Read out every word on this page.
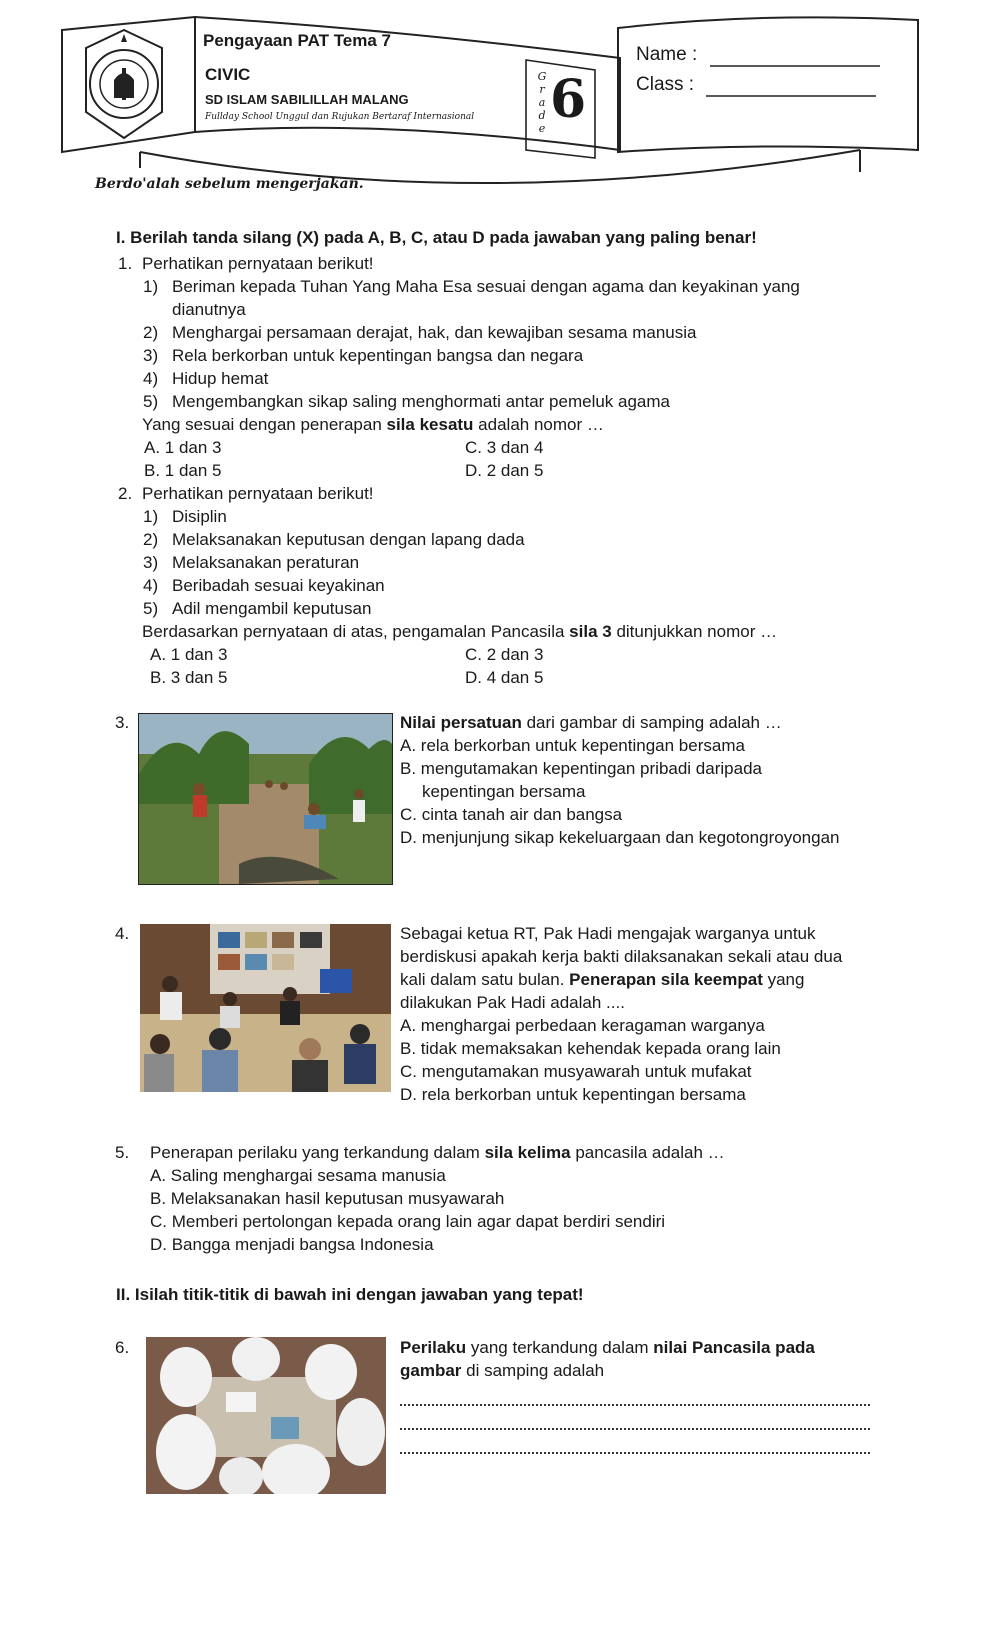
Pengayaan PAT Tema 7
CIVIC
SD ISLAM SABILILLAH MALANG
Fullday School Unggul dan Rujukan Bertaraf Internasional
G
r
a
d
e 6
Name :
Class :
Berdo'alah sebelum mengerjakan.
I. Berilah tanda silang (X) pada A, B, C, atau D pada jawaban yang paling benar!
1. Perhatikan pernyataan berikut!
1) Beriman kepada Tuhan Yang Maha Esa sesuai dengan agama dan keyakinan yang
dianutnya
2) Menghargai persamaan derajat, hak, dan kewajiban sesama manusia
3) Rela berkorban untuk kepentingan bangsa dan negara
4) Hidup hemat
5) Mengembangkan sikap saling menghormati antar pemeluk agama
Yang sesuai dengan penerapan sila kesatu adalah nomor …
A. 1 dan 3	C. 3 dan 4
B. 1 dan 5	D. 2 dan 5
2. Perhatikan pernyataan berikut!
1) Disiplin
2) Melaksanakan keputusan dengan lapang dada
3) Melaksanakan peraturan
4) Beribadah sesuai keyakinan
5) Adil mengambil keputusan
Berdasarkan pernyataan di atas, pengamalan Pancasila sila 3 ditunjukkan nomor …
A. 1 dan 3	C. 2 dan 3
B. 3 dan 5	D. 4 dan 5
3.	Nilai persatuan dari gambar di samping adalah …
A. rela berkorban untuk kepentingan bersama
B. mengutamakan kepentingan pribadi daripada
kepentingan bersama
C. cinta tanah air dan bangsa
D. menjunjung sikap kekeluargaan dan kegotongroyongan
4.	Sebagai ketua RT, Pak Hadi mengajak warganya untuk
berdiskusi apakah kerja bakti dilaksanakan sekali atau dua
kali dalam satu bulan. Penerapan sila keempat yang
dilakukan Pak Hadi adalah ....
A. menghargai perbedaan keragaman warganya
B. tidak memaksakan kehendak kepada orang lain
C. mengutamakan musyawarah untuk mufakat
D. rela berkorban untuk kepentingan bersama
5. Penerapan perilaku yang terkandung dalam sila kelima pancasila adalah …
A. Saling menghargai sesama manusia
B. Melaksanakan hasil keputusan musyawarah
C. Memberi pertolongan kepada orang lain agar dapat berdiri sendiri
D. Bangga menjadi bangsa Indonesia
II. Isilah titik-titik di bawah ini dengan jawaban yang tepat!
6.	Perilaku yang terkandung dalam nilai Pancasila pada
gambar di samping adalah
